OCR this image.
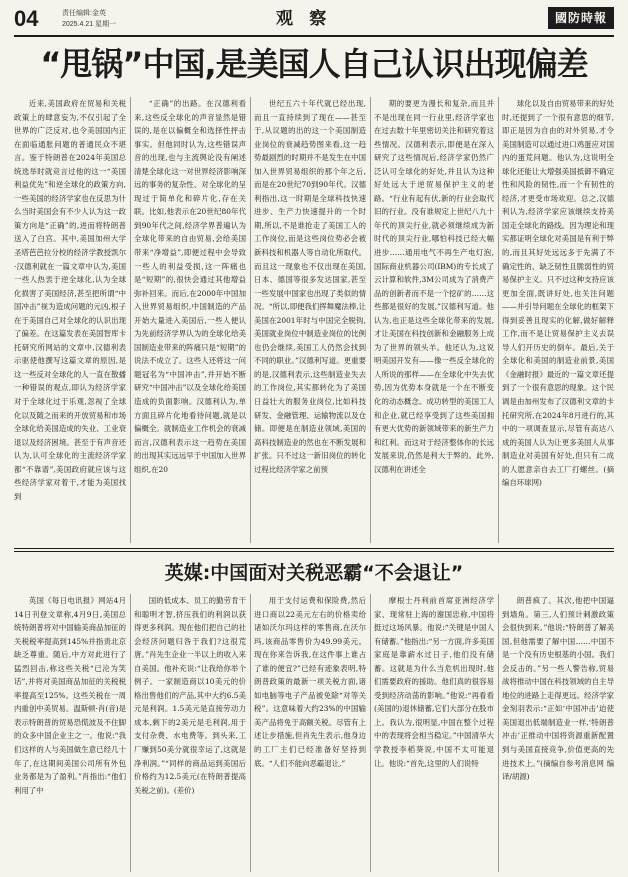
04	责任编辑:金英
2025.4.21 星期一	观 察	國防時報
“甩锅”中国,是美国人自己认识出现偏差

近来,美国政府在贸易和关税政策上的肆意妄为,不仅引起了全世界的广泛反对,也令美国国内正在面临通胀问题的普通民众不堪言。鉴于特朗普在2024年美国总统选举时就竞言过他的这一“美国利益优先”和逆全球化的政策方向,一些美国的经济学家也在反思为什么当时美国会有不少人认为这一政策方向是“正确”的,进而将特朗普送入了白宫。其中,美国加州大学圣塔芭芭拉分校的经济学教授凯尔·汉德利就在一篇文章中认为,美国一些人热衷于逆全球化,认为全球化损害了美国经济,甚至把所谓“中国冲击”视为造成问题的元凶,根子在于美国自己对全球化的认识出现了偏差。在这篇发表在美国智库卡托研究所网站的文章中,汉德利表示驱使他撰写这篇文章的原因,是这一些反对全球化的人一直在散播一种错误的观点,即认为经济学家对于全球化过于乐观,忽视了全球化以及随之而来的开放贸易和市场全球化给美国造成的失业、工业衰退以及经济困境。甚至于有声音还认为,认可全球化的主流经济学家都“不靠谱”,美国政府就应该与这些经济学家对着干,才能为美国找到

“正确”的出路。在汉德利看来,这些反全球化的声音显然是错误的,是在以偏概全和选择性抨击事实。但他同时认为,这些错误声音的出现,也与主流舆论没有阐述清楚全球化这一对世界经济影响深远的事务的复杂性、对全球化的呈现过于简单化和碎片化,存在关联。比如,他表示在20世纪80年代到90年代之间,经济学界普遍认为全球化带来的自由贸易,会给美国带来“净增益”,即便过程中会导致一些人的利益受损,这一阵痛也是“短期”的,很快会通过其他增益弥补回来。而后,在2000年中国加入世界贸易组织,中国制造的产品开始大量进入美国后,一些人便认为先前经济学界认为的全球化给美国制造业带来的阵痛只是“短期”的说法不成立了。这些人还将这一问题冠名为“中国冲击”,并开始不断研究“中国冲击”以及全球化给美国造成的负面影响。汉德利认为,单方面且碎片化地看待问题,就是以偏概全。就制造业工作机会的衰减而言,汉德利表示这一趋势在美国的出现其实远远早于中国加入世界组织,在20

世纪五六十年代就已经出现,而且一直持续到了现在——甚至于,从议题的出的这一个美国制造业岗位的衰减趋势图来看,这一趋势最剧烈的时期并不是发生在中国加入世界贸易组织的那个年之后,而是在20世纪70到90年代。汉德利指出,这一时期是全球科技快速进步、生产力快速提升的一个时期,所以,不是谁抢走了美国工人的工作岗位,而是这些岗位势必会被新科技和机器人等自动化所取代。而且这一现象也不仅出现在美国,日本、德国等很多发达国家,甚至一些发展中国家也出现了类似的情况。“所以,即便我们挥舞魔法棒,让美国在2001年时与中国完全脱钩,美国就业岗位中制造业岗位的比例也仍会继续,美国工人仍然会找到不同的职业。”汉德利写道。更重要的是,汉德利表示,这些制造业失去的工作岗位,其实都转化为了美国日益壮大的服务业岗位,比如科技研发、金融管理、运输物流以及仓储。即便是在制造业领域,美国的高科技制造业的然也在不断发展和扩张。只不过这一新旧岗位的转化过程比经济学家之前预

期的要更为漫长和复杂,而且并不是出现在同一行业里,经济学家也在过去数十年里密切关注和研究着这些情况。汉德利表示,即便是在深入研究了这些情况后,经济学家仍然广泛认可全球化的好处,并且认为这种好处远大于逆贸易保护主义的老路。“行业有起有伏,新的行业会取代旧的行业。没有谁规定上世纪八九十年代的顶尖行业,就必须继续成为新时代的顶尖行业,哪怕科技已经大幅进步……通用电气不再生产电灯泡,国际商业机器公司(IBM)的专长成了云计算和软件,3M公司成为了消费产品的创新者而不是一个挖矿的……这些都是很好的发展,”汉德利写道。他认为,也正是这些全球化带来的发展,才让美国在科技创新和金融服务上成为了世界的领头羊。他还认为,这说明美国开发有——像一些反全球化的人所说的那样——在全球化中失去优势,因为优势本身就是一个在不断变化的动态概念。成功转型的美国工人和企业,就已经享受到了这些美国拥有更大优势的新领域带来的新生产力和红利。而这对于经济整体你的长远发展来说,仍然是利大于弊的。此外,汉德利在讲述全

球化以及自由贸易带来的好处时,还提到了一个很有意思的细节,即正是因为自由的对外贸易,才令美国制造可以通过进口鸡蛋应对国内的蛋荒问题。他认为,这说明全球化还能让大增强美国抵御不确定性和风险的韧性,而一个有韧性的经济,才更受市场欢迎。总之,汉德利认为,经济学家应该继续支持美国走全球化的路线。因为理论和现实都证明全球化对美国是有利于弊的,而且其好处远远多于先满了不确定性的、缺乏韧性且脆弱性的贸易保护主义。只不过这种支持应该更加全面,既讲好处,也关注问题——并引导问题在全球化的框架下得到妥善且现实的化解,做好解释工作,而不是让贸易保护主义去误导人们开历史的倒车。最后,关于全球化和美国的制造业前景,美国《金融时报》最近的一篇文章还提到了一个很有意思的现象。这个民调是由加州发布了汉德利文章的卡托研究所,在2024年8月进行的,其中的一项调查显示,尽管有高达八成的美国人认为让更多美国人从事制造业对美国有好处,但只有二成的人愿意亲自去工厂打螺丝。(摘编自环球网)

英媒:中国面对关税恶霸“不会退让”

英国《每日电讯报》网站4月14日刊登文章称,4月9日,美国总统特朗普将对中国输美商品加征的关税税率提高到145%并指责北京缺乏尊重。随后,中方对此进行了猛烈回击,称这些关税“已沦为笑话”,并将对美国商品加征的关税税率提高至125%。这些关税在一周内重创中美贸易。温斯顿·肖(音)是表示特朗普的贸易恐慌波及不住脚的众多中国企业主之一。他说:“我们这样的人与美国做生意已经几十年了,在这期间美国公司所有外包业务都是为了盈利。”肖指出:“他们利用了中

国的低成本、员工的勤劳肯干和聪明才智,挤压我们的利润以获得更多利润。现在他们把自己的社会经济问题归咎于我们?这很荒唐。”肖先生企业一半以上的收入来自美国。他补充说:“让我给你举个例子。一家制造商以10美元的价格出售他们的产品,其中大约6.5美元是利润。1.5美元是直接劳动力成本,剩下的2美元是毛利润,用于支付杂费、水电费等。到头来,工厂赚到50美分就很幸运了,这就是净利润。”“同样的商品运到美国后价格约为12.5美元(在特朗普提高关税之前)。(差价)

用于支付运费和保险费,然后进口商以22美元左右的价格卖给诸如沃尔玛这样的零售商,在沃尔玛,该商品零售价为49.99美元。现在你来告诉我,在这件事上谁占了谁的便宜?”已经有迹象表明,特朗普政策的最新一项关税方面,诸如电脑等电子产品被免除“对等关税”。这意味着大约23%的中国输美产品将免于高额关税。尽管有上述让步措施,但肖先生表示,他身边的工厂主们已经准备好坚持到底。“人们不能向恶霸退让,”

摩根士丹利前首席亚洲经济学家、现常驻上海的谢国忠称,中国将挺过这场风暴。他说:“关键是中国人有储蓄。”他指出:“另一方面,许多美国家庭是靠薪水过日子,他们没有储蓄。这就是为什么当危机出现时,他们需要政府的援助。他们真的很容易受到经济动荡的影响。”他说:“再看看(美国的)退休储蓄,它们大部分在股市上。我认为,很明显,中国在整个过程中的表现将会相当稳定。”中国清华大学教授李稻葵说,中国不太可能退让。他说:“首先,这里的人们说特

朗普疯了。其次,他把中国逼到墙角。第三,人们预计刺激政策会很快到来。”他说:“特朗普了解美国,但他需要了解中国……中国不是一个没有历史根基的小国。我们会反击的。”另一些人警告称,贸易战将推动中国在科技领域的自主导地位的进路上走得更远。经济学家金刻羽表示:“正如‘中国冲击’迫使美国退出低端制造业一样,‘特朗普冲击’正推动中国将资源重新配置到与美国直接竞争,价值更高的先进技术上。”(摘编自参考消息网 编译/胡源)
